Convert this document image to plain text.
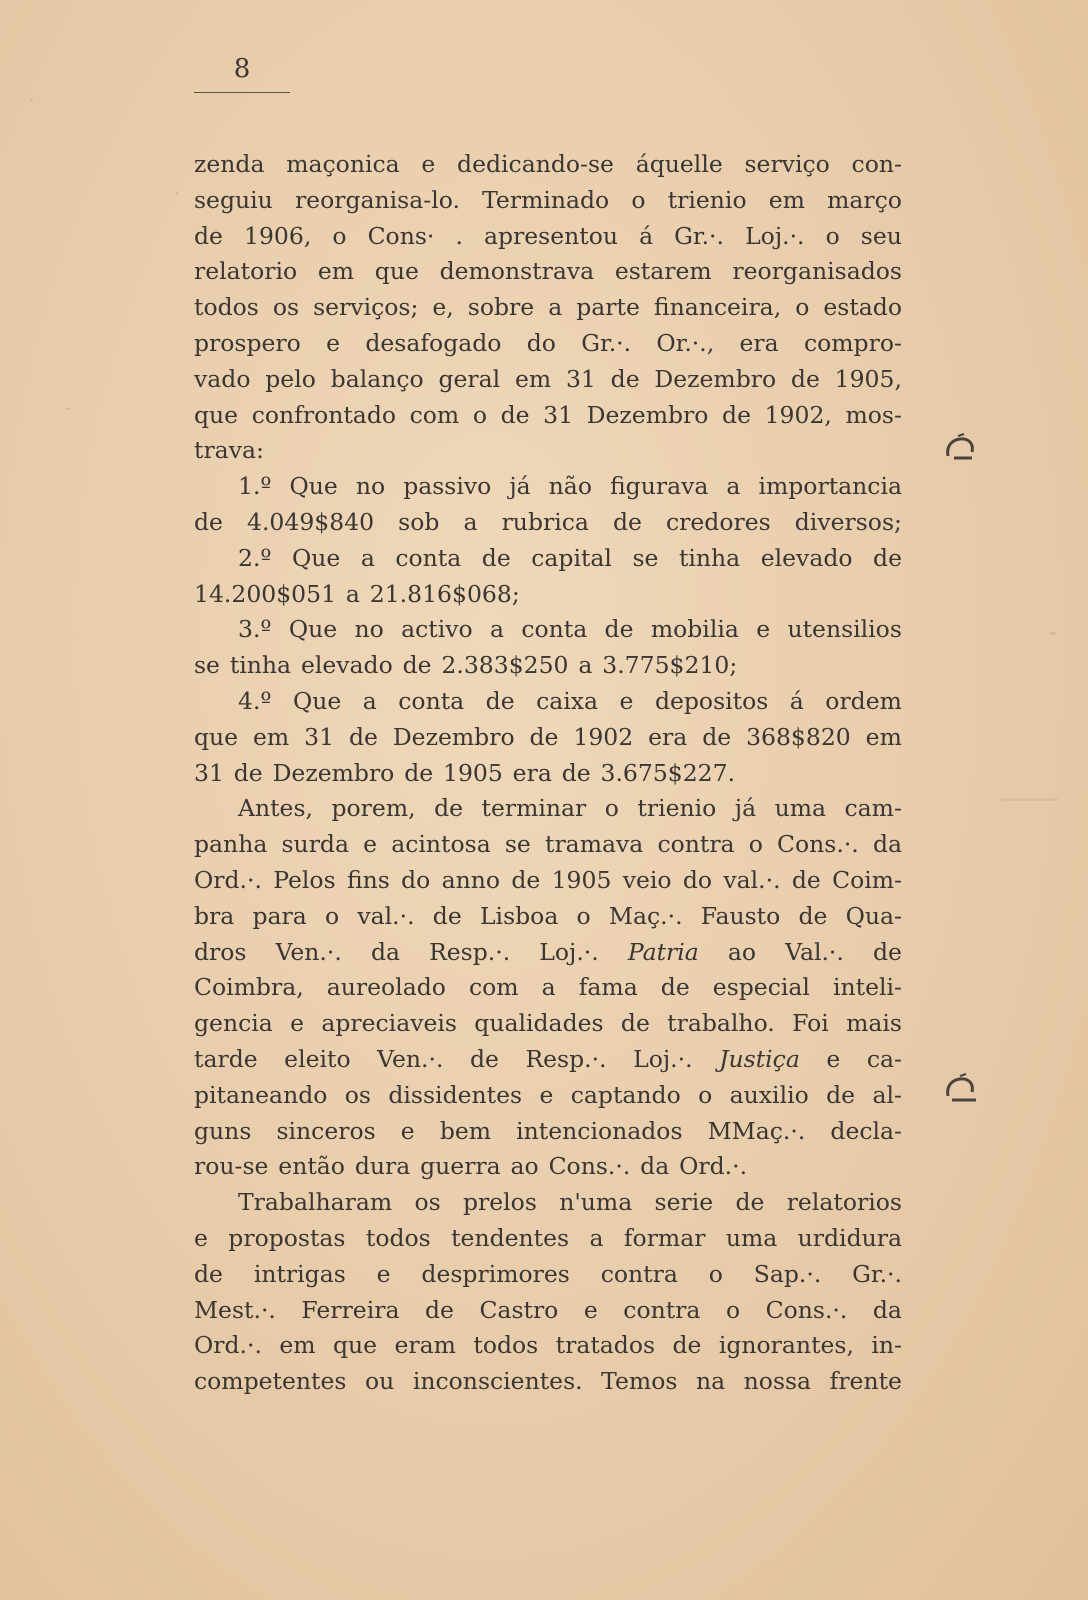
8
zenda maçonica e dedicando-se áquelle serviço con-
seguiu reorganisa-lo. Terminado o trienio em março
de 1906, o Cons· . apresentou á Gr.·. Loj.·. o seu
relatorio em que demonstrava estarem reorganisados
todos os serviços; e, sobre a parte financeira, o estado
prospero e desafogado do Gr.·. Or.·., era compro-
vado pelo balanço geral em 31 de Dezembro de 1905,
que confrontado com o de 31 Dezembro de 1902, mos-
trava:
1.º Que no passivo já não figurava a importancia
de 4.049$840 sob a rubrica de credores diversos;
2.º Que a conta de capital se tinha elevado de
14.200$051 a 21.816$068;
3.º Que no activo a conta de mobilia e utensilios
se tinha elevado de 2.383$250 a 3.775$210;
4.º Que a conta de caixa e depositos á ordem
que em 31 de Dezembro de 1902 era de 368$820 em
31 de Dezembro de 1905 era de 3.675$227.
Antes, porem, de terminar o trienio já uma cam-
panha surda e acintosa se tramava contra o Cons.·. da
Ord.·. Pelos fins do anno de 1905 veio do val.·. de Coim-
bra para o val.·. de Lisboa o Maç.·. Fausto de Qua-
dros Ven.·. da Resp.·. Loj.·. Patria ao Val.·. de
Coimbra, aureolado com a fama de especial inteli-
gencia e apreciaveis qualidades de trabalho. Foi mais
tarde eleito Ven.·. de Resp.·. Loj.·. Justiça e ca-
pitaneando os dissidentes e captando o auxilio de al-
guns sinceros e bem intencionados MMaç.·. decla-
rou-se então dura guerra ao Cons.·. da Ord.·.
Trabalharam os prelos n'uma serie de relatorios
e propostas todos tendentes a formar uma urdidura
de intrigas e desprimores contra o Sap.·. Gr.·.
Mest.·. Ferreira de Castro e contra o Cons.·. da
Ord.·. em que eram todos tratados de ignorantes, in-
competentes ou inconscientes. Temos na nossa frente
